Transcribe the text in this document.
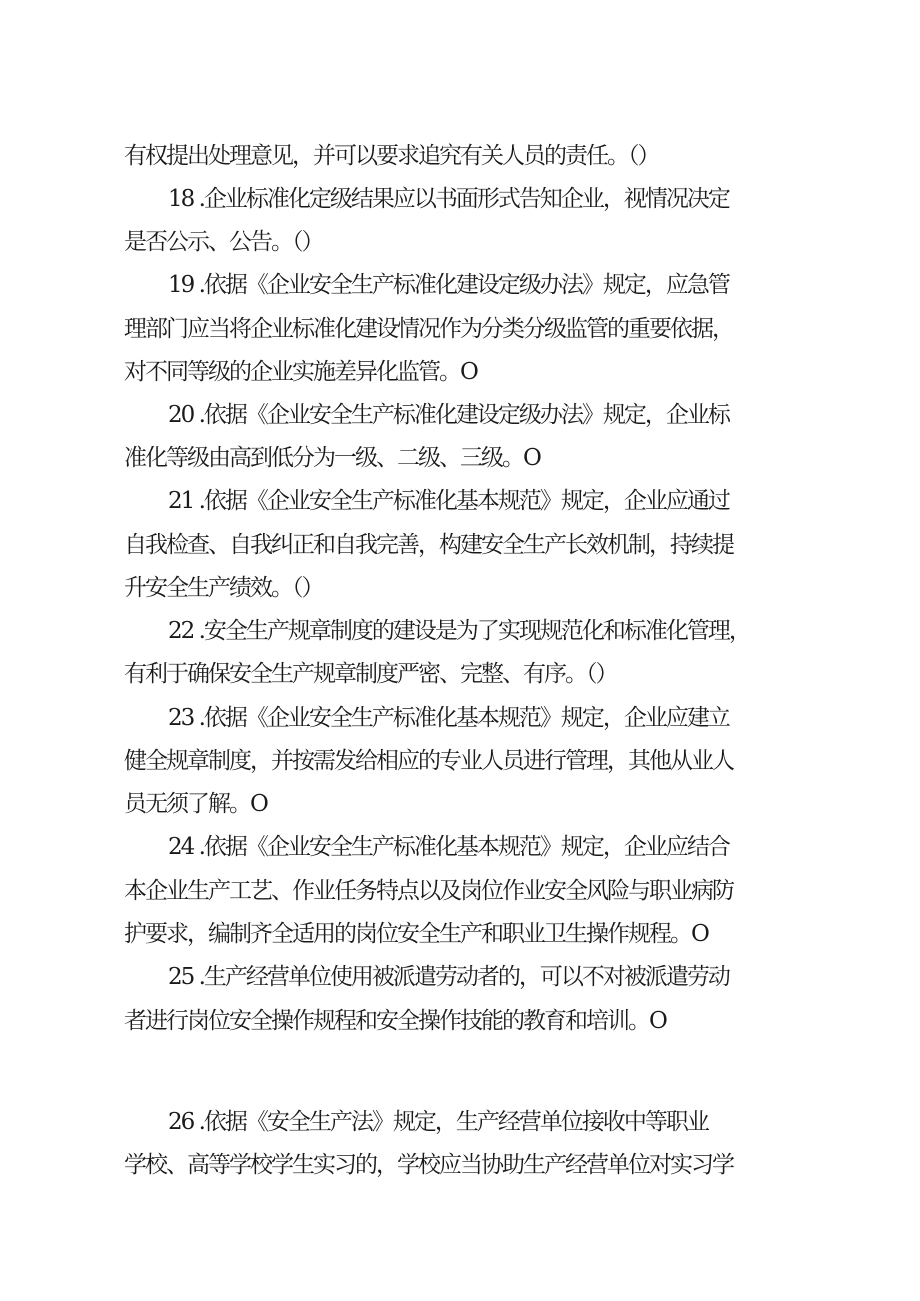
有权提出处理意见，并可以要求追究有关人员的责任。（）
18 .企业标准化定级结果应以书面形式告知企业，视情况决定
是否公示、公告。（）
19 .依据《企业安全生产标准化建设定级办法》规定，应急管
理部门应当将企业标准化建设情况作为分类分级监管的重要依据，
对不同等级的企业实施差异化监管。O
20 .依据《企业安全生产标准化建设定级办法》规定，企业标
准化等级由高到低分为一级、二级、三级。O
21 .依据《企业安全生产标准化基本规范》规定，企业应通过
自我检查、自我纠正和自我完善，构建安全生产长效机制，持续提
升安全生产绩效。（）
22 .安全生产规章制度的建设是为了实现规范化和标准化管理，
有利于确保安全生产规章制度严密、完整、有序。（）
23 .依据《企业安全生产标准化基本规范》规定，企业应建立
健全规章制度，并按需发给相应的专业人员进行管理，其他从业人
员无须了解。O
24 .依据《企业安全生产标准化基本规范》规定，企业应结合
本企业生产工艺、作业任务特点以及岗位作业安全风险与职业病防
护要求，编制齐全适用的岗位安全生产和职业卫生操作规程。O
25 .生产经营单位使用被派遣劳动者的，可以不对被派遣劳动
者进行岗位安全操作规程和安全操作技能的教育和培训。O
26 .依据《安全生产法》规定，生产经营单位接收中等职业
学校、高等学校学生实习的，学校应当协助生产经营单位对实习学
